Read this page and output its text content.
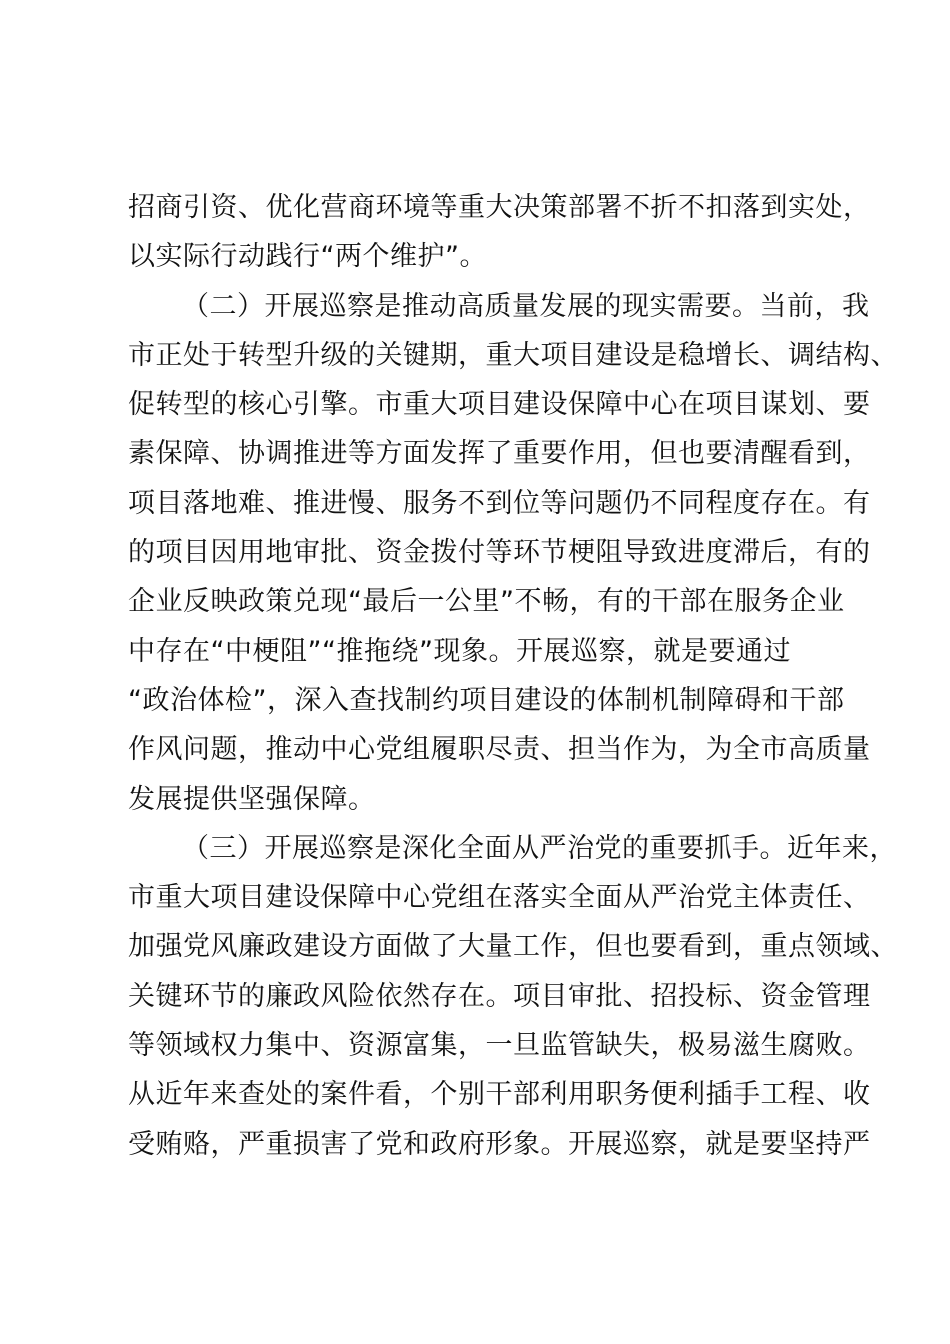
招商引资、优化营商环境等重大决策部署不折不扣落到实处，
以实际行动践行“两个维护”。
（二）开展巡察是推动高质量发展的现实需要。当前，我
市正处于转型升级的关键期，重大项目建设是稳增长、调结构、
促转型的核心引擎。市重大项目建设保障中心在项目谋划、要
素保障、协调推进等方面发挥了重要作用，但也要清醒看到，
项目落地难、推进慢、服务不到位等问题仍不同程度存在。有
的项目因用地审批、资金拨付等环节梗阻导致进度滞后，有的
企业反映政策兑现“最后一公里”不畅，有的干部在服务企业
中存在“中梗阻”“推拖绕”现象。开展巡察，就是要通过
“政治体检”，深入查找制约项目建设的体制机制障碍和干部
作风问题，推动中心党组履职尽责、担当作为，为全市高质量
发展提供坚强保障。
（三）开展巡察是深化全面从严治党的重要抓手。近年来，
市重大项目建设保障中心党组在落实全面从严治党主体责任、
加强党风廉政建设方面做了大量工作，但也要看到，重点领域、
关键环节的廉政风险依然存在。项目审批、招投标、资金管理
等领域权力集中、资源富集，一旦监管缺失，极易滋生腐败。
从近年来查处的案件看，个别干部利用职务便利插手工程、收
受贿赂，严重损害了党和政府形象。开展巡察，就是要坚持严
